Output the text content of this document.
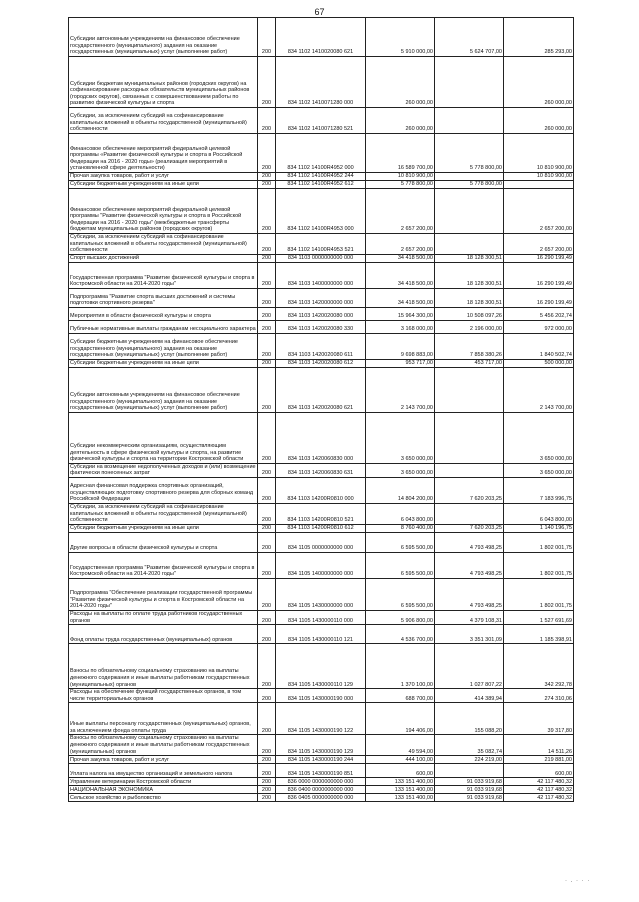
67
Субсидии автономным учреждениям на финансовое обеспечение государственного (муниципального) задания на оказание государственных (муниципальных) услуг (выполнение работ)	200	834 1102 1410020080 621	5 910 000,00	5 624 707,00	285 293,00
Субсидии бюджетам муниципальных районов (городских округов) на софинансирование расходных обязательств муниципальных районов (городских округов), связанных с совершенствованием работы по развитию физической культуры и спорта	200	834 1102 1410071280 000	260 000,00		260 000,00
Субсидии, за исключением субсидий на софинансирование капитальных вложений в объекты государственной (муниципальной) собственности	200	834 1102 1410071280 521	260 000,00		260 000,00
Финансовое обеспечение мероприятий федеральной целевой программы «Развитие физической культуры и спорта в Российской Федерации на 2016 - 2020 годы» (реализация мероприятий в установленной сфере деятельности)	200	834 1102 14100R4952 000	16 589 700,00	5 778 800,00	10 810 900,00
Прочая закупка товаров, работ и услуг	200	834 1102 14100R4952 244	10 810 900,00		10 810 900,00
Субсидии бюджетным учреждениям на иные цели	200	834 1102 14100R4952 612	5 778 800,00	5 778 800,00	
Финансовое обеспечение мероприятий федеральной целевой программы "Развитие физической культуры и спорта в Российской Федерации на 2016 - 2020 годы" (межбюджетные трансферты бюджетам муниципальных районов (городских округов)	200	834 1102 14100R4953 000	2 657 200,00		2 657 200,00
Субсидии, за исключением субсидий на софинансирование капитальных вложений в объекты государственной (муниципальной) собственности	200	834 1102 14100R4953 521	2 657 200,00		2 657 200,00
Спорт высших достижений	200	834 1103 0000000000 000	34 418 500,00	18 128 300,51	16 290 199,49
Государственная программа "Развитие физической культуры и спорта в Костромской области на 2014-2020 годы"	200	834 1103 1400000000 000	34 418 500,00	18 128 300,51	16 290 199,49
Подпрограмма "Развитие спорта высших достижений и системы подготовки спортивного резерва"	200	834 1103 1420000000 000	34 418 500,00	18 128 300,51	16 290 199,49
Мероприятия в области физической культуры и спорта	200	834 1103 1420020080 000	15 964 300,00	10 508 097,26	5 456 202,74
Публичные нормативные выплаты гражданам несоциального характера	200	834 1103 1420020080 330	3 168 000,00	2 196 000,00	972 000,00
Субсидии бюджетным учреждениям на финансовое обеспечение государственного (муниципального) задания на оказание государственных (муниципальных) услуг (выполнение работ)	200	834 1103 1420020080 611	9 698 883,00	7 858 380,26	1 840 502,74
Субсидии бюджетным учреждениям на иные цели	200	834 1103 1420020080 612	953 717,00	453 717,00	500 000,00
Субсидии автономным учреждениям на финансовое обеспечение государственного (муниципального) задания на оказание государственных (муниципальных) услуг (выполнение работ)	200	834 1103 1420020080 621	2 143 700,00		2 143 700,00
Субсидии некоммерческим организациям, осуществляющим деятельность в сфере физической культуры и спорта, на развитие физической культуры и спорта на территории Костромской области	200	834 1103 1420060830 000	3 650 000,00		3 650 000,00
Субсидии на возмещение недополученных доходов и (или) возмещение фактически понесенных затрат	200	834 1103 1420060830 631	3 650 000,00		3 650 000,00
Адресная финансовая поддержка спортивных организаций, осуществляющих подготовку спортивного резерва для сборных команд Российской Федерации	200	834 1103 14200R0810 000	14 804 200,00	7 620 203,25	7 183 996,75
Субсидии, за исключением субсидий на софинансирование капитальных вложений в объекты государственной (муниципальной) собственности	200	834 1103 14200R0810 521	6 043 800,00		6 043 800,00
Субсидии бюджетным учреждениям на иные цели	200	834 1103 14200R0810 612	8 760 400,00	7 620 203,25	1 140 196,75
Другие вопросы в области физической культуры и спорта	200	834 1105 0000000000 000	6 595 500,00	4 793 498,25	1 802 001,75
Государственная программа "Развитие физической культуры и спорта в Костромской области на 2014-2020 годы"	200	834 1105 1400000000 000	6 595 500,00	4 793 498,25	1 802 001,75
Подпрограмма "Обеспечение реализации государственной программы "Развитие физической культуры и спорта в Костромской области на 2014-2020 годы"	200	834 1105 1430000000 000	6 595 500,00	4 793 498,25	1 802 001,75
Расходы на выплаты по оплате труда работников государственных органов	200	834 1105 1430000110 000	5 906 800,00	4 379 108,31	1 527 691,69
Фонд оплаты труда государственных (муниципальных) органов	200	834 1105 1430000110 121	4 536 700,00	3 351 301,09	1 185 398,91
Взносы по обязательному социальному страхованию на выплаты денежного содержания и иные выплаты работникам государственных (муниципальных) органов	200	834 1105 1430000110 129	1 370 100,00	1 027 807,22	342 292,78
Расходы на обеспечение функций государственных органов, в том числе территориальных органов	200	834 1105 1430000190 000	688 700,00	414 389,94	274 310,06
Иные выплаты персоналу государственных (муниципальных) органов, за исключением фонда оплаты труда	200	834 1105 1430000190 122	194 406,00	155 088,20	39 317,80
Взносы по обязательному социальному страхованию на выплаты денежного содержания и иные выплаты работникам государственных (муниципальных) органов	200	834 1105 1430000190 129	49 594,00	35 082,74	14 511,26
Прочая закупка товаров, работ и услуг	200	834 1105 1430000190 244	444 100,00	224 219,00	219 881,00
Уплата налога на имущество организаций и земельного налога	200	834 1105 1430000190 851	600,00		600,00
Управление ветеринарии Костромской области	200	836 0000 0000000000 000	133 151 400,00	91 033 919,68	42 117 480,32
НАЦИОНАЛЬНАЯ ЭКОНОМИКА	200	836 0400 0000000000 000	133 151 400,00	91 033 919,68	42 117 480,32
Сельское хозяйство и рыболовство	200	836 0405 0000000000 000	133 151 400,00	91 033 919,68	42 117 480,32
· . · · ·
